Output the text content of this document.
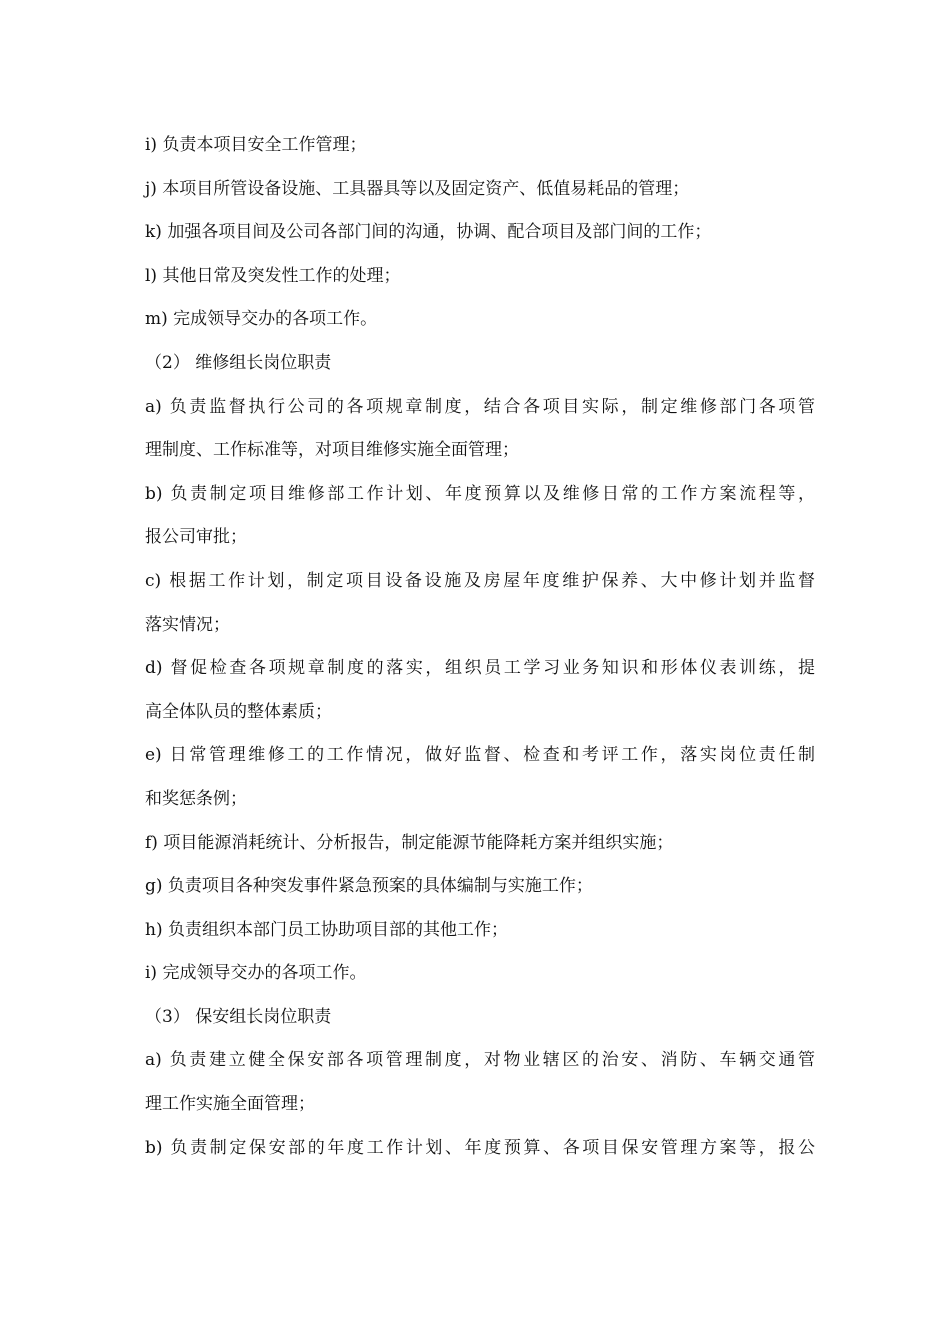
i) 负责本项目安全工作管理；

j) 本项目所管设备设施、工具器具等以及固定资产、低值易耗品的管理；

k) 加强各项目间及公司各部门间的沟通，协调、配合项目及部门间的工作；

l) 其他日常及突发性工作的处理；

m) 完成领导交办的各项工作。

（2） 维修组长岗位职责

a) 负责监督执行公司的各项规章制度，结合各项目实际，制定维修部门各项管

理制度、工作标准等，对项目维修实施全面管理；

b) 负责制定项目维修部工作计划、年度预算以及维修日常的工作方案流程等，

报公司审批；

c) 根据工作计划，制定项目设备设施及房屋年度维护保养、大中修计划并监督

落实情况；

d) 督促检查各项规章制度的落实，组织员工学习业务知识和形体仪表训练，提

高全体队员的整体素质；

e) 日常管理维修工的工作情况，做好监督、检查和考评工作，落实岗位责任制

和奖惩条例；

f) 项目能源消耗统计、分析报告，制定能源节能降耗方案并组织实施；

g) 负责项目各种突发事件紧急预案的具体编制与实施工作；

h) 负责组织本部门员工协助项目部的其他工作；

i) 完成领导交办的各项工作。

（3） 保安组长岗位职责

a) 负责建立健全保安部各项管理制度，对物业辖区的治安、消防、车辆交通管

理工作实施全面管理；

b) 负责制定保安部的年度工作计划、年度预算、各项目保安管理方案等，报公
